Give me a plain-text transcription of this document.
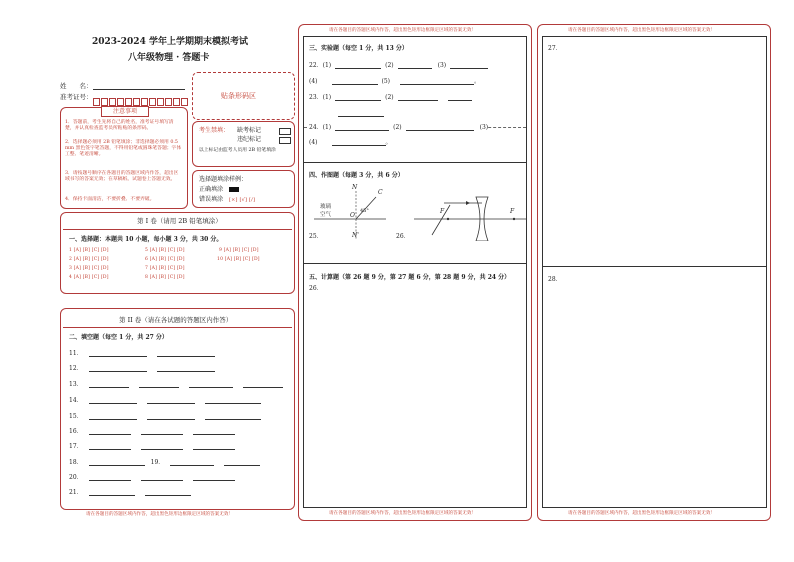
2023-2024 学年上学期期末模拟考试
八年级物理 · 答题卡
姓　　名：
准考证号：	贴条形码区
注意事项
1．答题前，考生先将自己的姓名，准考证号填写清楚，并认真检查监考员所粘贴的条形码。
2．选择题必须用 2B 铅笔填涂；非选择题必须用 0.5 mm 黑色签字笔答题，不得用铅笔或圆珠笔答题；字体工整、笔迹清晰。
3．请按题号顺序在各题目的答题区域内作答，超出区域书写的答案无效；在草稿纸、试题卷上答题无效。
4．保持卡面清洁，不要折叠、不要弄破。
考生禁填： 缺考标记
违纪标记
以上标记由监考人员用 2B 铅笔填涂
选择题填涂样例：
正确填涂
错误填涂 [×] [√] [/]
第 I 卷（请用 2B 铅笔填涂）
一、选择题：本题共 10 小题，每小题 3 分，共 30 分。
1 [A] [B] [C] [D]
2 [A] [B] [C] [D]
3 [A] [B] [C] [D]
4 [A] [B] [C] [D]
5 [A] [B] [C] [D]
6 [A] [B] [C] [D]
7 [A] [B] [C] [D]
8 [A] [B] [C] [D]
9 [A] [B] [C] [D]
10 [A] [B] [C] [D]
第 II 卷（请在各试题的答题区内作答）
二、填空题（每空 1 分，共 27 分）
11．
12．
13．
14．
15．
16．
17．
18．	19．
20．
21．
请在各题目的答题区域内作答，超出黑色矩形边框限定区域的答案无效！
请在各题目的答题区域内作答，超出黑色矩形边框限定区域的答案无效！
请在各题目的答题区域内作答，超出黑色矩形边框限定区域的答案无效！
三、实验题（每空 1 分，共 13 分）
22．(1)	(2)	(3)
(4)	(5)	。
23．(1)	(2)
24．(1)	(2)	(3)
(4)	。
四、作图题（每题 3 分，共 6 分）
N
C
45°
O
玻璃
空气
N'
25．
F	F
26．
五、计算题（第 26 题 9 分，第 27 题 6 分，第 28 题 9 分，共 24 分）
26．
请在各题目的答题区域内作答，超出黑色矩形边框限定区域的答案无效！
请在各题目的答题区域内作答，超出黑色矩形边框限定区域的答案无效！
27．
28．
